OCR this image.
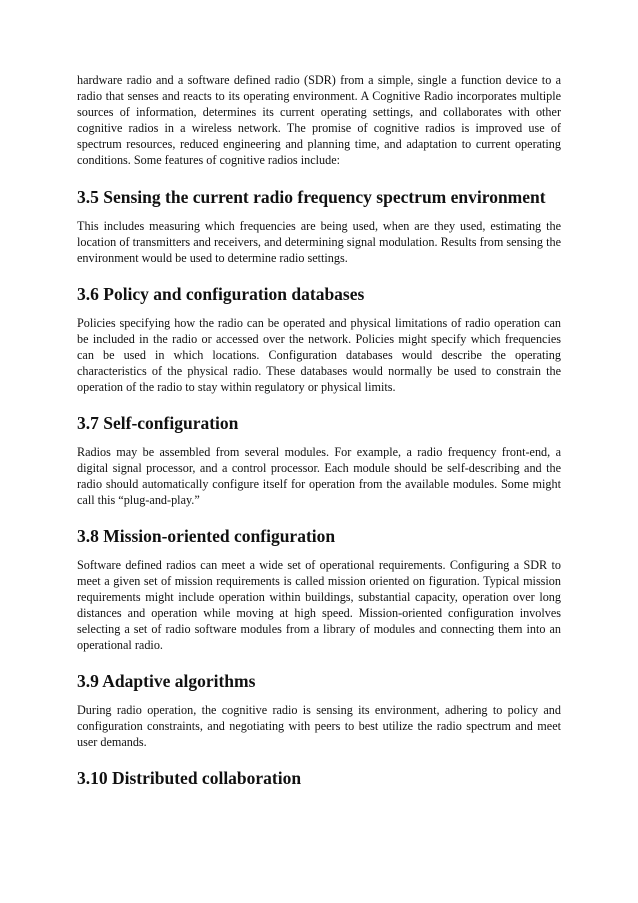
hardware radio and a software defined radio (SDR) from a simple, single a function device to a radio that senses and reacts to its operating environment. A Cognitive Radio incorporates multiple sources of information, determines its current operating settings, and collaborates with other cognitive radios in a wireless network. The promise of cognitive radios is improved use of spectrum resources, reduced engineering and planning time, and adaptation to current operating conditions. Some features of cognitive radios include:

3.5 Sensing the current radio frequency spectrum environment

This includes measuring which frequencies are being used, when are they used, estimating the location of transmitters and receivers, and determining signal modulation. Results from sensing the environment would be used to determine radio settings.

3.6 Policy and configuration databases

Policies specifying how the radio can be operated and physical limitations of radio operation can be included in the radio or accessed over the network. Policies might specify which frequencies can be used in which locations. Configuration databases would describe the operating characteristics of the physical radio. These databases would normally be used to constrain the operation of the radio to stay within regulatory or physical limits.

3.7 Self-configuration

Radios may be assembled from several modules. For example, a radio frequency front-end, a digital signal processor, and a control processor. Each module should be self-describing and the radio should automatically configure itself for operation from the available modules. Some might call this “plug-and-play.”

3.8 Mission-oriented configuration

Software defined radios can meet a wide set of operational requirements. Configuring a SDR to meet a given set of mission requirements is called mission oriented on figuration. Typical mission requirements might include operation within buildings, substantial capacity, operation over long distances and operation while moving at high speed. Mission-oriented configuration involves selecting a set of radio software modules from a library of modules and connecting them into an operational radio.

3.9 Adaptive algorithms

During radio operation, the cognitive radio is sensing its environment, adhering to policy and configuration constraints, and negotiating with peers to best utilize the radio spectrum and meet user demands.

3.10 Distributed collaboration
